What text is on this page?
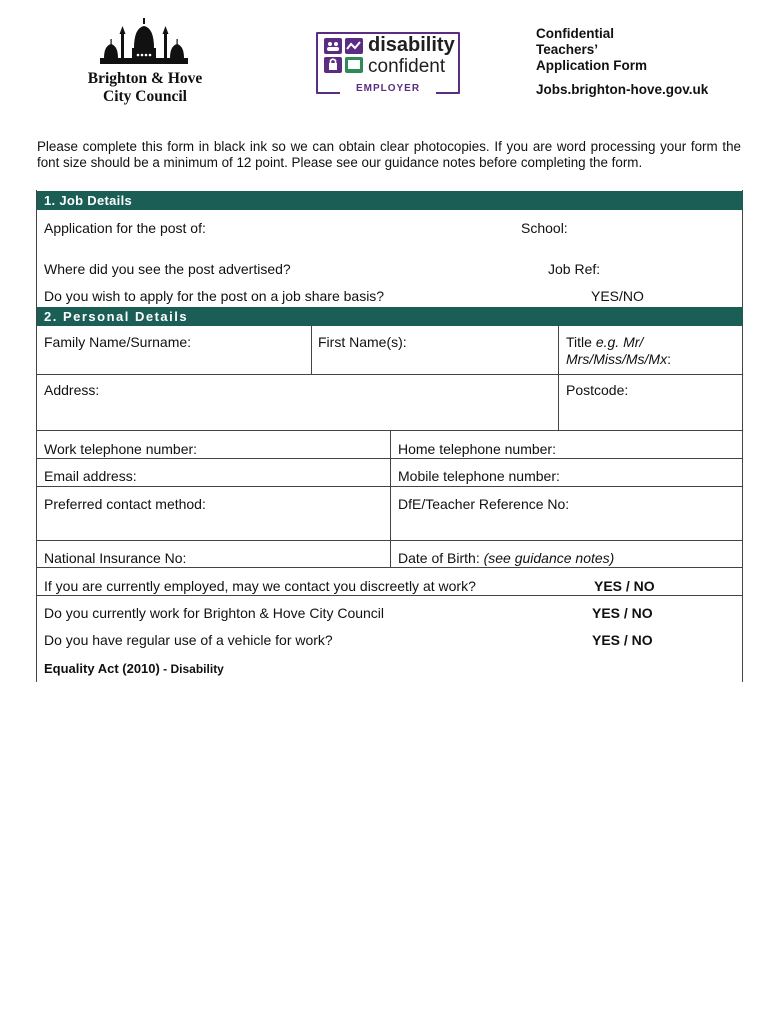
Brighton & Hove
City Council
disability
confident
EMPLOYER
Confidential
Teachers’
Application Form
Jobs.brighton-hove.gov.uk
Please complete this form in black ink so we can obtain clear photocopies. If you are word processing your form the font size should be a minimum of 12 point. Please see our guidance notes before completing the form.
1. Job Details
Application for the post of:	School:
Where did you see the post advertised?	Job Ref:
Do you wish to apply for the post on a job share basis?	YES/NO
2. Personal Details
Family Name/Surname:	First Name(s):	Title e.g. Mr/
Mrs/Miss/Ms/Mx:
Address:	Postcode:
Work telephone number:	Home telephone number:
Email address:	Mobile telephone number:
Preferred contact method:	DfE/Teacher Reference No:
National Insurance No:	Date of Birth: (see guidance notes)
If you are currently employed, may we contact you discreetly at work?	YES / NO
Do you currently work for Brighton & Hove City Council	YES / NO
Do you have regular use of a vehicle for work?	YES / NO
Equality Act (2010) - Disability
